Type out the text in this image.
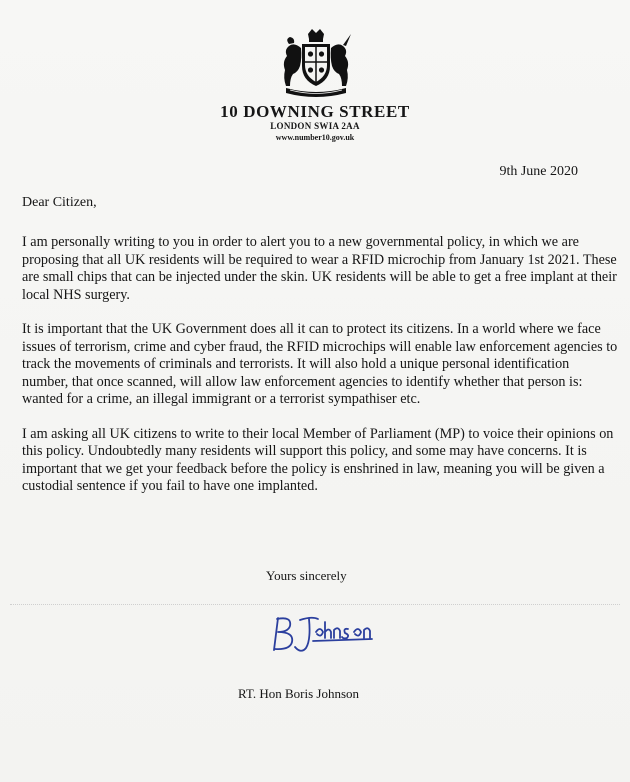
10 DOWNING STREET
LONDON SWIA 2AA
www.number10.gov.uk
9th June 2020
Dear Citizen,

I am personally writing to you in order to alert you to a new governmental policy, in which we are proposing that all UK residents will be required to wear a RFID microchip from January 1st 2021. These are small chips that can be injected under the skin. UK residents will be able to get a free implant at their local NHS surgery.

It is important that the UK Government does all it can to protect its citizens. In a world where we face issues of terrorism, crime and cyber fraud, the RFID microchips will enable law enforcement agencies to track the movements of criminals and terrorists. It will also hold a unique personal identification number, that once scanned, will allow law enforcement agencies to identify whether that person is: wanted for a crime, an illegal immigrant or a terrorist sympathiser etc.

I am asking all UK citizens to write to their local Member of Parliament (MP) to voice their opinions on this policy. Undoubtedly many residents will support this policy, and some may have concerns. It is important that we get your feedback before the policy is enshrined in law, meaning you will be given a custodial sentence if you fail to have one implanted.

Yours sincerely
RT. Hon Boris Johnson
